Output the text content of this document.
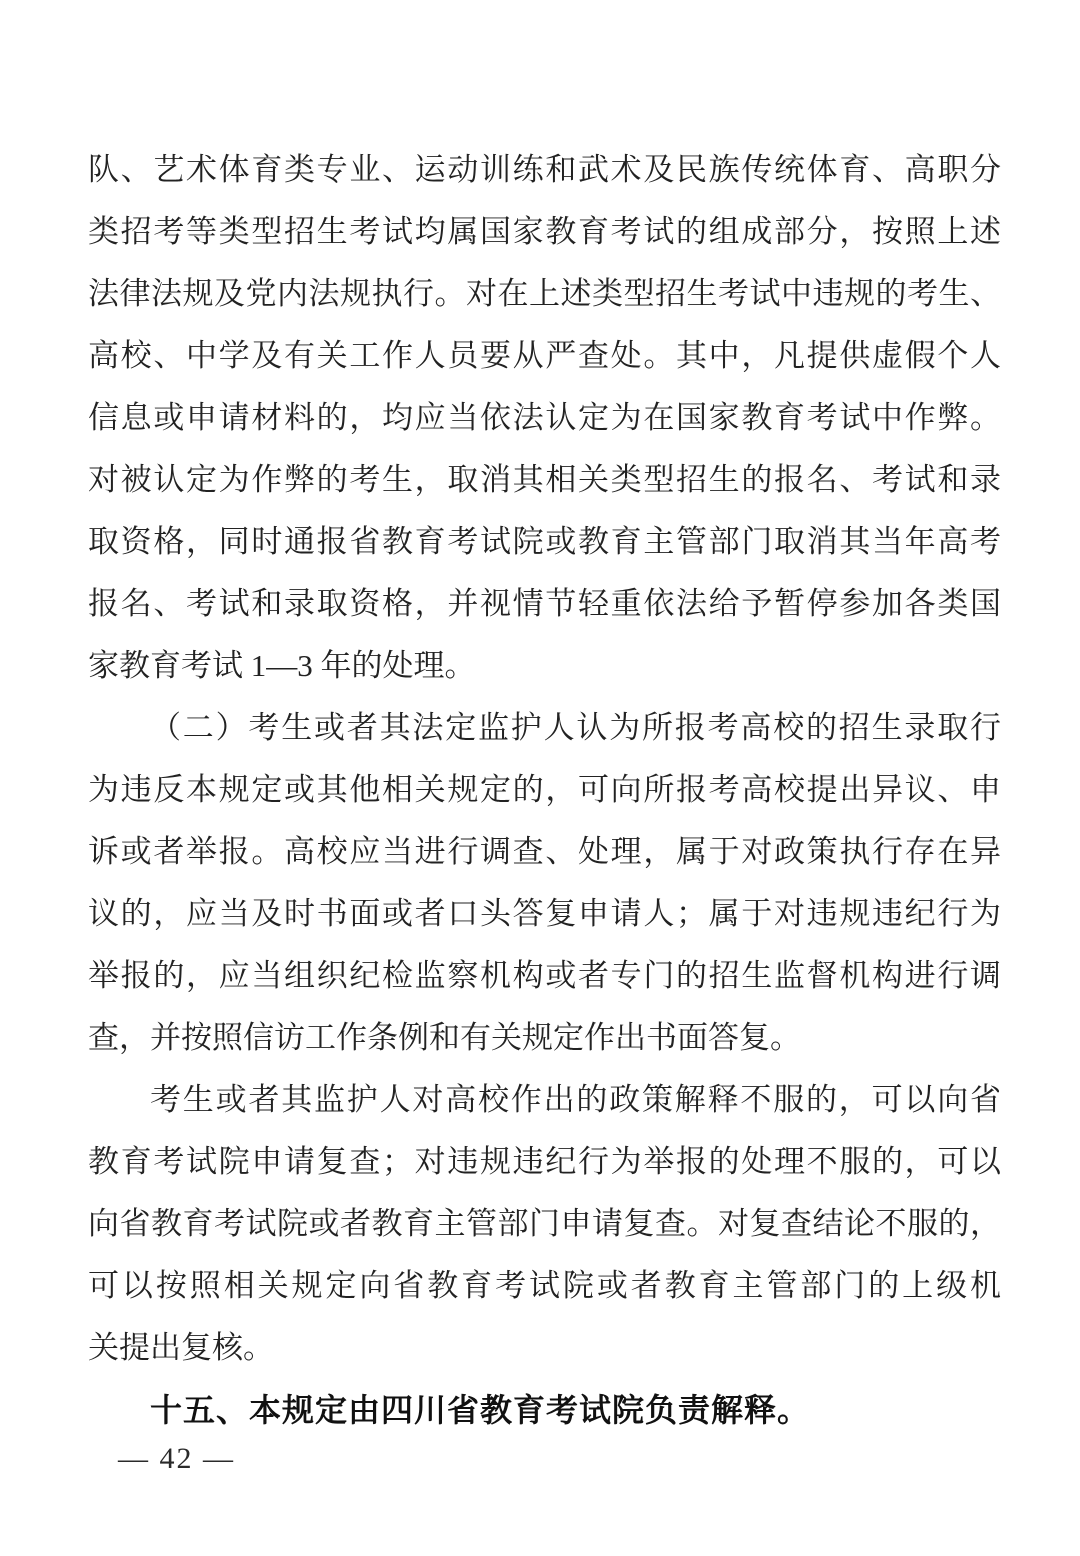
队、艺术体育类专业、运动训练和武术及民族传统体育、高职分
类招考等类型招生考试均属国家教育考试的组成部分，按照上述
法律法规及党内法规执行。对在上述类型招生考试中违规的考生、
高校、中学及有关工作人员要从严查处。其中，凡提供虚假个人
信息或申请材料的，均应当依法认定为在国家教育考试中作弊。
对被认定为作弊的考生，取消其相关类型招生的报名、考试和录
取资格，同时通报省教育考试院或教育主管部门取消其当年高考
报名、考试和录取资格，并视情节轻重依法给予暂停参加各类国
家教育考试 1—3 年的处理。
（二）考生或者其法定监护人认为所报考高校的招生录取行
为违反本规定或其他相关规定的，可向所报考高校提出异议、申
诉或者举报。高校应当进行调查、处理，属于对政策执行存在异
议的，应当及时书面或者口头答复申请人；属于对违规违纪行为
举报的，应当组织纪检监察机构或者专门的招生监督机构进行调
查，并按照信访工作条例和有关规定作出书面答复。
考生或者其监护人对高校作出的政策解释不服的，可以向省
教育考试院申请复查；对违规违纪行为举报的处理不服的，可以
向省教育考试院或者教育主管部门申请复查。对复查结论不服的，
可以按照相关规定向省教育考试院或者教育主管部门的上级机
关提出复核。
十五、本规定由四川省教育考试院负责解释。
— 42 —
